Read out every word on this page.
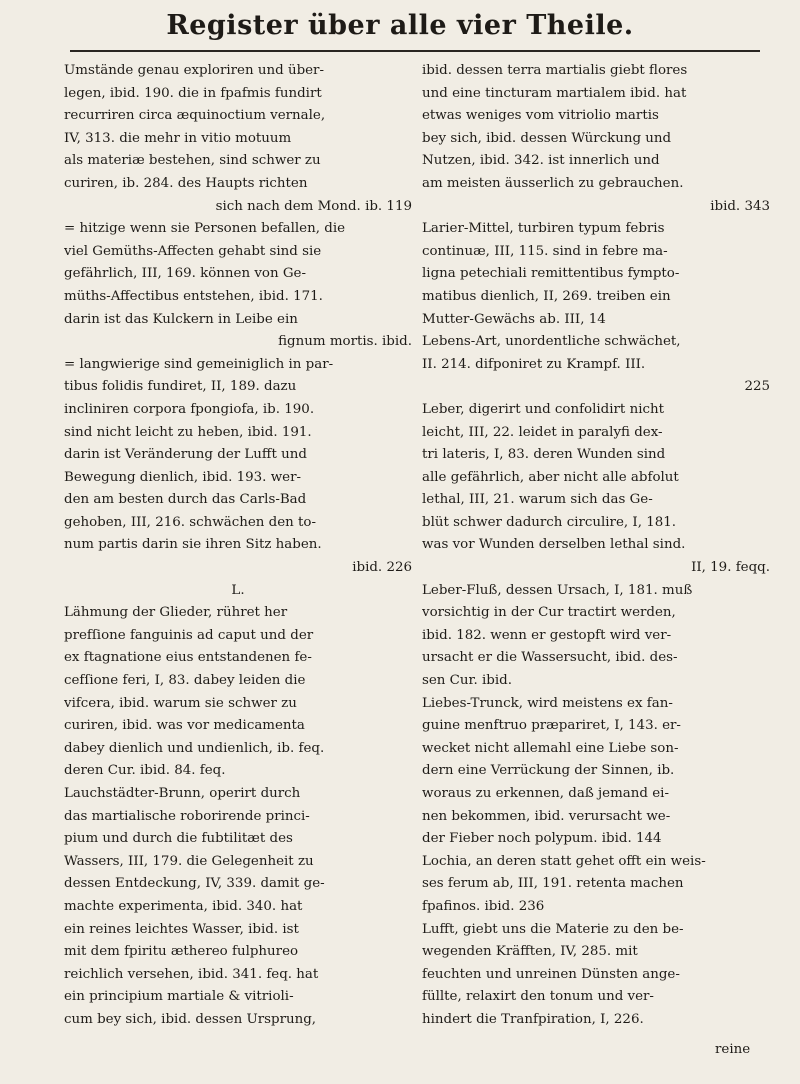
Register über alle vier Theile.
Umstände genau exploriren und über-
legen, ibid. 190. die in fpafmis fundirt
recurriren circa æquinoctium vernale,
IV, 313. die mehr in vitio motuum
als materiæ bestehen, sind schwer zu
curiren, ib. 284. des Haupts richten
sich nach dem Mond. ib. 119
= hitzige wenn sie Personen befallen, die
viel Gemüths-Affecten gehabt sind sie
gefährlich, III, 169. können von Ge-
müths-Affectibus entstehen, ibid. 171.
darin ist das Kulckern in Leibe ein
fignum mortis. ibid.
= langwierige sind gemeiniglich in par-
tibus folidis fundiret, II, 189. dazu
incliniren corpora fpongiofa, ib. 190.
sind nicht leicht zu heben, ibid. 191.
darin ist Veränderung der Lufft und
Bewegung dienlich, ibid. 193. wer-
den am besten durch das Carls-Bad
gehoben, III, 216. schwächen den to-
num partis darin sie ihren Sitz haben.
ibid. 226
L.
Lähmung der Glieder, rühret her
prefſione fanguinis ad caput und der
ex ftagnatione eius entstandenen fe-
cefſione feri, I, 83. dabey leiden die
vifcera, ibid. warum sie schwer zu
curiren, ibid. was vor medicamenta
dabey dienlich und undienlich, ib. feq.
deren Cur. ibid. 84. feq.
Lauchstädter-Brunn, operirt durch
das martialische roborirende princi-
pium und durch die fubtilitæt des
Wassers, III, 179. die Gelegenheit zu
dessen Entdeckung, IV, 339. damit ge-
machte experimenta, ibid. 340. hat
ein reines leichtes Wasser, ibid. ist
mit dem fpiritu æthereo fulphureo
reichlich versehen, ibid. 341. feq. hat
ein principium martiale & vitrioli-
cum bey sich, ibid. dessen Ursprung,
ibid. dessen terra martialis giebt flores
und eine tincturam martialem ibid. hat
etwas weniges vom vitriolio martis
bey sich, ibid. dessen Würckung und
Nutzen, ibid. 342. ist innerlich und
am meisten äusserlich zu gebrauchen.
ibid. 343
Larier-Mittel, turbiren typum febris
continuæ, III, 115. sind in febre ma-
ligna petechiali remittentibus fympto-
matibus dienlich, II, 269. treiben ein
Mutter-Gewächs ab. III, 14
Lebens-Art, unordentliche schwächet,
II. 214. difponiret zu Krampf. III.
225
Leber, digerirt und confolidirt nicht
leicht, III, 22. leidet in paralyfi dex-
tri lateris, I, 83. deren Wunden sind
alle gefährlich, aber nicht alle abfolut
lethal, III, 21. warum sich das Ge-
blüt schwer dadurch circulire, I, 181.
was vor Wunden derselben lethal sind.
II, 19. feqq.
Leber-Fluß, dessen Ursach, I, 181. muß
vorsichtig in der Cur tractirt werden,
ibid. 182. wenn er gestopft wird ver-
ursacht er die Wassersucht, ibid. des-
sen Cur. ibid.
Liebes-Trunck, wird meistens ex fan-
guine menftruo præpariret, I, 143. er-
wecket nicht allemahl eine Liebe son-
dern eine Verrückung der Sinnen, ib.
woraus zu erkennen, daß jemand ei-
nen bekommen, ibid. verursacht we-
der Fieber noch polypum. ibid. 144
Lochia, an deren statt gehet offt ein weis-
ses ferum ab, III, 191. retenta machen
fpafinos. ibid. 236
Lufft, giebt uns die Materie zu den be-
wegenden Kräfften, IV, 285. mit
feuchten und unreinen Dünsten ange-
füllte, relaxirt den tonum und ver-
hindert die Tranfpiration, I, 226.
reine
